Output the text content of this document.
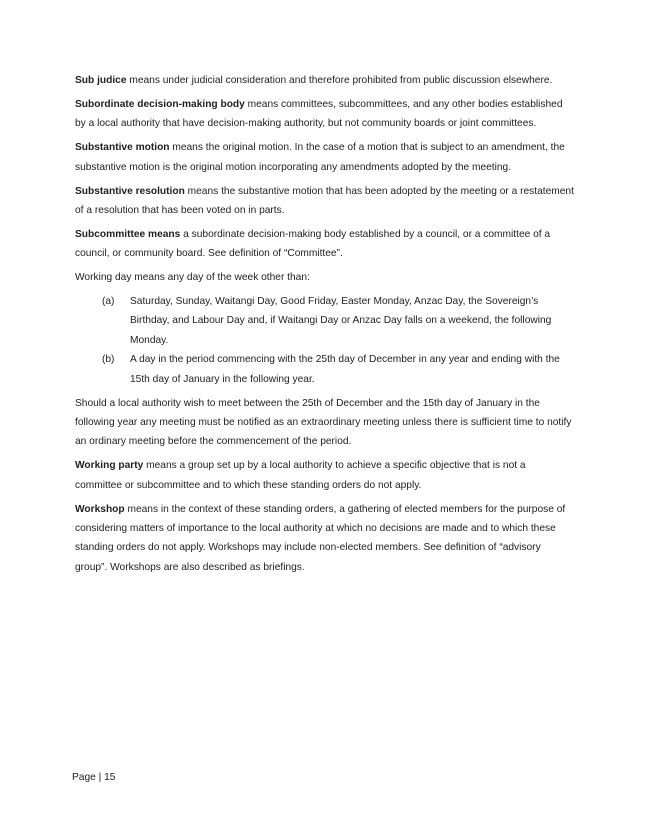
Sub judice means under judicial consideration and therefore prohibited from public discussion elsewhere.
Subordinate decision-making body means committees, subcommittees, and any other bodies established by a local authority that have decision-making authority, but not community boards or joint committees.
Substantive motion means the original motion. In the case of a motion that is subject to an amendment, the substantive motion is the original motion incorporating any amendments adopted by the meeting.
Substantive resolution means the substantive motion that has been adopted by the meeting or a restatement of a resolution that has been voted on in parts.
Subcommittee means a subordinate decision-making body established by a council, or a committee of a council, or community board. See definition of “Committee”.
Working day means any day of the week other than:
(a)	Saturday, Sunday, Waitangi Day, Good Friday, Easter Monday, Anzac Day, the Sovereign’s Birthday, and Labour Day and, if Waitangi Day or Anzac Day falls on a weekend, the following Monday.
(b)	A day in the period commencing with the 25th day of December in any year and ending with the 15th day of January in the following year.
Should a local authority wish to meet between the 25th of December and the 15th day of January in the following year any meeting must be notified as an extraordinary meeting unless there is sufficient time to notify an ordinary meeting before the commencement of the period.
Working party means a group set up by a local authority to achieve a specific objective that is not a committee or subcommittee and to which these standing orders do not apply.
Workshop means in the context of these standing orders, a gathering of elected members for the purpose of considering matters of importance to the local authority at which no decisions are made and to which these standing orders do not apply. Workshops may include non-elected members. See definition of “advisory group”. Workshops are also described as briefings.
Page | 15
